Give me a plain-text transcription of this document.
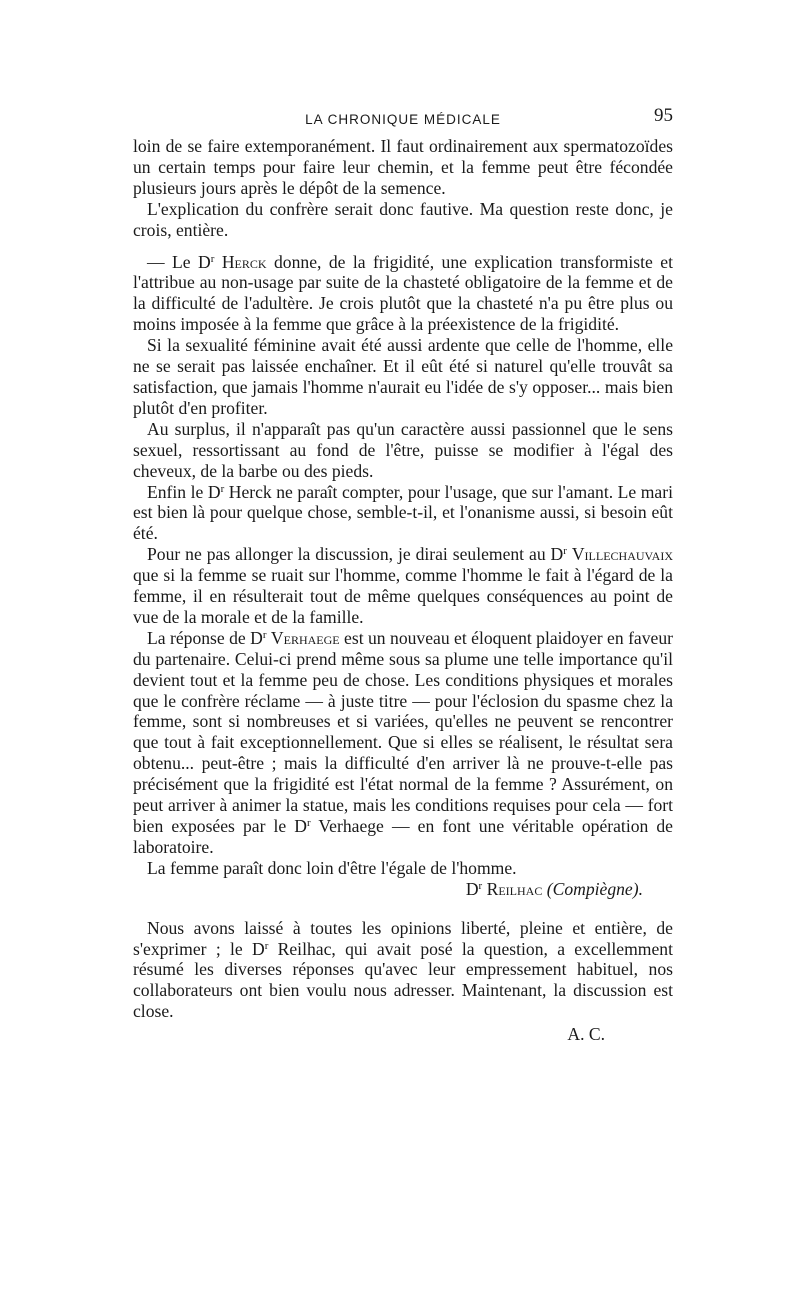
LA CHRONIQUE MÉDICALE	95

loin de se faire extemporanément. Il faut ordinairement aux spermatozoïdes un certain temps pour faire leur chemin, et la femme peut être fécondée plusieurs jours après le dépôt de la semence.

L'explication du confrère serait donc fautive. Ma question reste donc, je crois, entière.

— Le $D^r$ Herck donne, de la frigidité, une explication transformiste et l'attribue au non-usage par suite de la chasteté obligatoire de la femme et de la difficulté de l'adultère. Je crois plutôt que la chasteté n'a pu être plus ou moins imposée à la femme que grâce à la préexistence de la frigidité.

Si la sexualité féminine avait été aussi ardente que celle de l'homme, elle ne se serait pas laissée enchaîner. Et il eût été si naturel qu'elle trouvât sa satisfaction, que jamais l'homme n'aurait eu l'idée de s'y opposer... mais bien plutôt d'en profiter.

Au surplus, il n'apparaît pas qu'un caractère aussi passionnel que le sens sexuel, ressortissant au fond de l'être, puisse se modifier à l'égal des cheveux, de la barbe ou des pieds.

Enfin le $D^r$ Herck ne paraît compter, pour l'usage, que sur l'amant. Le mari est bien là pour quelque chose, semble-t-il, et l'onanisme aussi, si besoin eût été.

Pour ne pas allonger la discussion, je dirai seulement au $D^r$ Villechauvaix que si la femme se ruait sur l'homme, comme l'homme le fait à l'égard de la femme, il en résulterait tout de même quelques conséquences au point de vue de la morale et de la famille.

La réponse de $D^r$ Verhaege est un nouveau et éloquent plaidoyer en faveur du partenaire. Celui-ci prend même sous sa plume une telle importance qu'il devient tout et la femme peu de chose. Les conditions physiques et morales que le confrère réclame — à juste titre — pour l'éclosion du spasme chez la femme, sont si nombreuses et si variées, qu'elles ne peuvent se rencontrer que tout à fait exceptionnellement. Que si elles se réalisent, le résultat sera obtenu... peut-être ; mais la difficulté d'en arriver là ne prouve-t-elle pas précisément que la frigidité est l'état normal de la femme ? Assurément, on peut arriver à animer la statue, mais les conditions requises pour cela — fort bien exposées par le $D^r$ Verhaege — en font une véritable opération de laboratoire.

La femme paraît donc loin d'être l'égale de l'homme.

$D^r$ Reilhac (Compiègne).

Nous avons laissé à toutes les opinions liberté, pleine et entière, de s'exprimer ; le $D^r$ Reilhac, qui avait posé la question, a excellemment résumé les diverses réponses qu'avec leur empressement habituel, nos collaborateurs ont bien voulu nous adresser. Maintenant, la discussion est close.

A. C.
